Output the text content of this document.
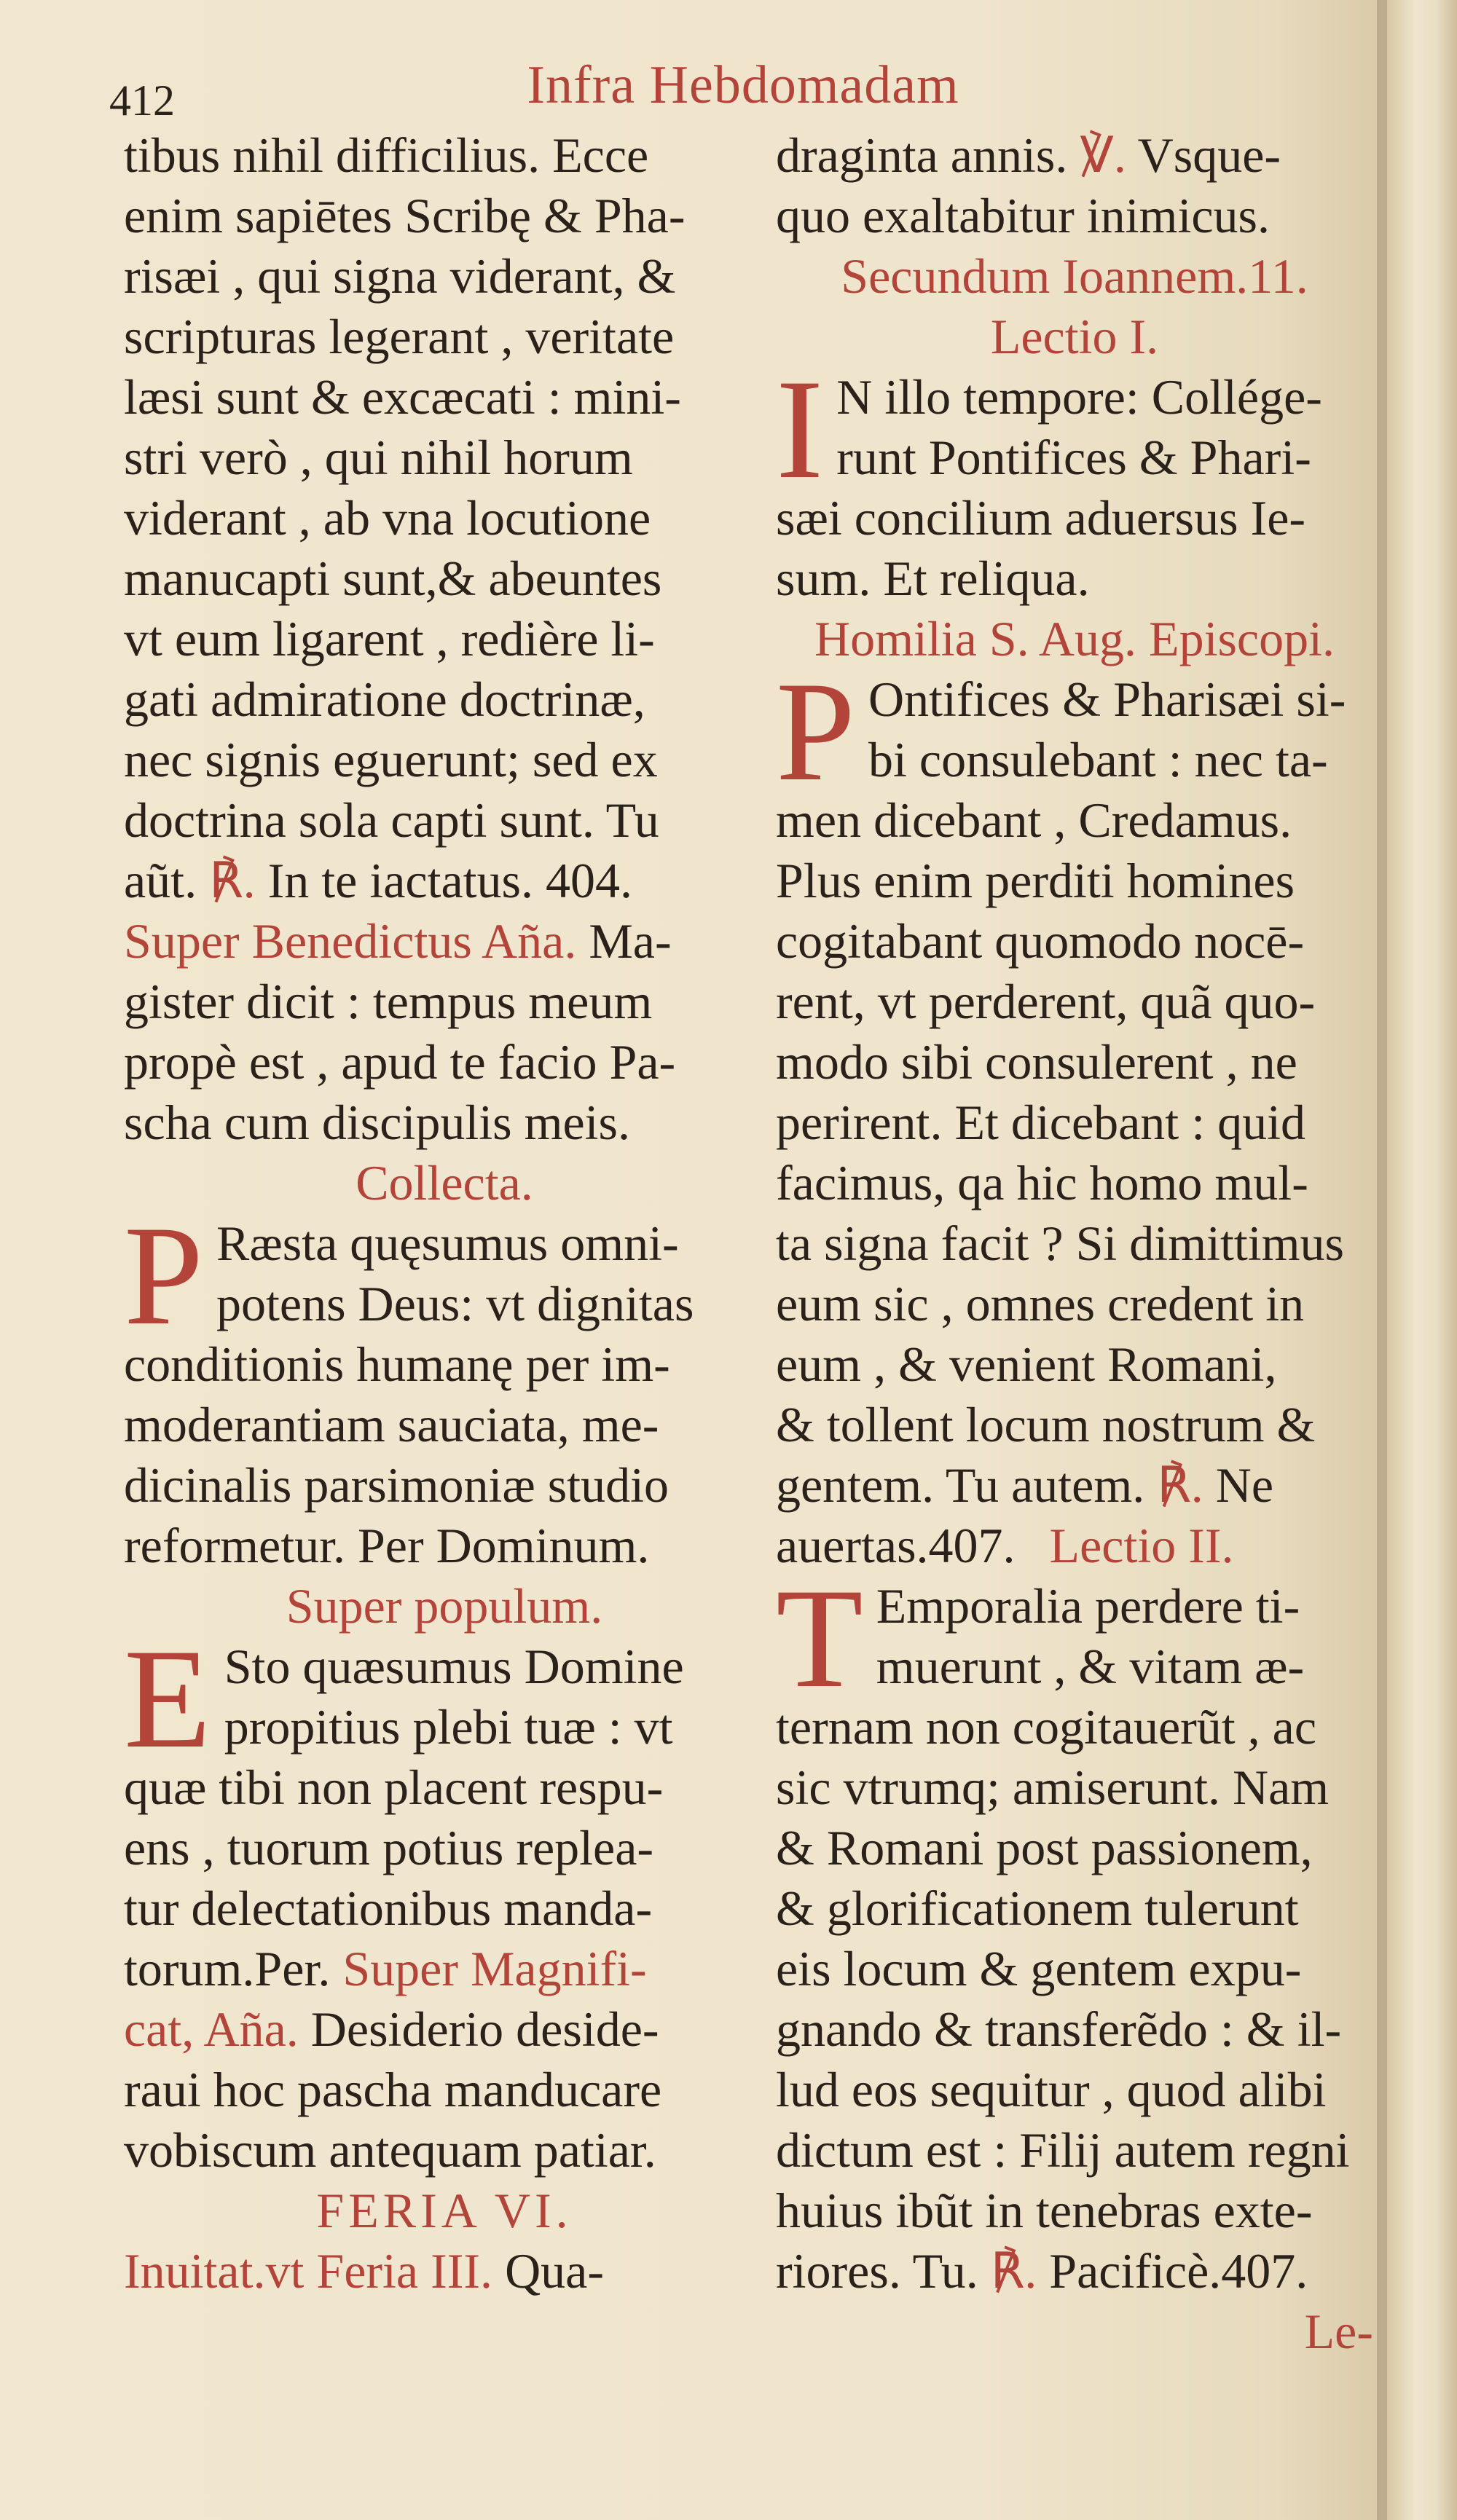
412	Infra Hebdomadam
tibus nihil difficilius. Ecce
enim sapiētes Scribę & Pha-
risæi , qui signa viderant, &
scripturas legerant , veritate
læsi sunt & excæcati : mini-
stri verò , qui nihil horum
viderant , ab vna locutione
manucapti sunt,& abeuntes
vt eum ligarent , redière li-
gati admiratione doctrinæ,
nec signis eguerunt; sed ex
doctrina sola capti sunt. Tu
aũt. ℟. In te iactatus. 404.
Super Benedictus Aña. Ma-
gister dicit : tempus meum
propè est , apud te facio Pa-
scha cum discipulis meis.
Collecta.
P Ræsta quęsumus omni-
potens Deus: vt dignitas
conditionis humanę per im-
moderantiam sauciata, me-
dicinalis parsimoniæ studio
reformetur. Per Dominum.
Super populum.
E Sto quæsumus Domine
propitius plebi tuæ : vt
quæ tibi non placent respu-
ens , tuorum potius replea-
tur delectationibus manda-
torum.Per. Super Magnifi-
cat, Aña. Desiderio deside-
raui hoc pascha manducare
vobiscum antequam patiar.
FERIA VI.
Inuitat.vt Feria III. Qua-
draginta annis. ℣. Vsque-
quo exaltabitur inimicus.
Secundum Ioannem.11.
Lectio I.
I N illo tempore: Collége-
runt Pontifices & Phari-
sæi concilium aduersus Ie-
sum. Et reliqua.
Homilia S. Aug. Episcopi.
P Ontifices & Pharisæi si-
bi consulebant : nec ta-
men dicebant , Credamus.
Plus enim perditi homines
cogitabant quomodo nocē-
rent, vt perderent, quã quo-
modo sibi consulerent , ne
perirent. Et dicebant : quid
facimus, qa hic homo mul-
ta signa facit ? Si dimittimus
eum sic , omnes credent in
eum , & venient Romani,
& tollent locum nostrum &
gentem. Tu autem. ℟. Ne
auertas.407. Lectio II.
T Emporalia perdere ti-
muerunt , & vitam æ-
ternam non cogitauerũt , ac
sic vtrumq; amiserunt. Nam
& Romani post passionem,
& glorificationem tulerunt
eis locum & gentem expu-
gnando & transferẽdo : & il-
lud eos sequitur , quod alibi
dictum est : Filij autem regni
huius ibũt in tenebras exte-
riores. Tu. ℟. Pacificè.407.
Le-
